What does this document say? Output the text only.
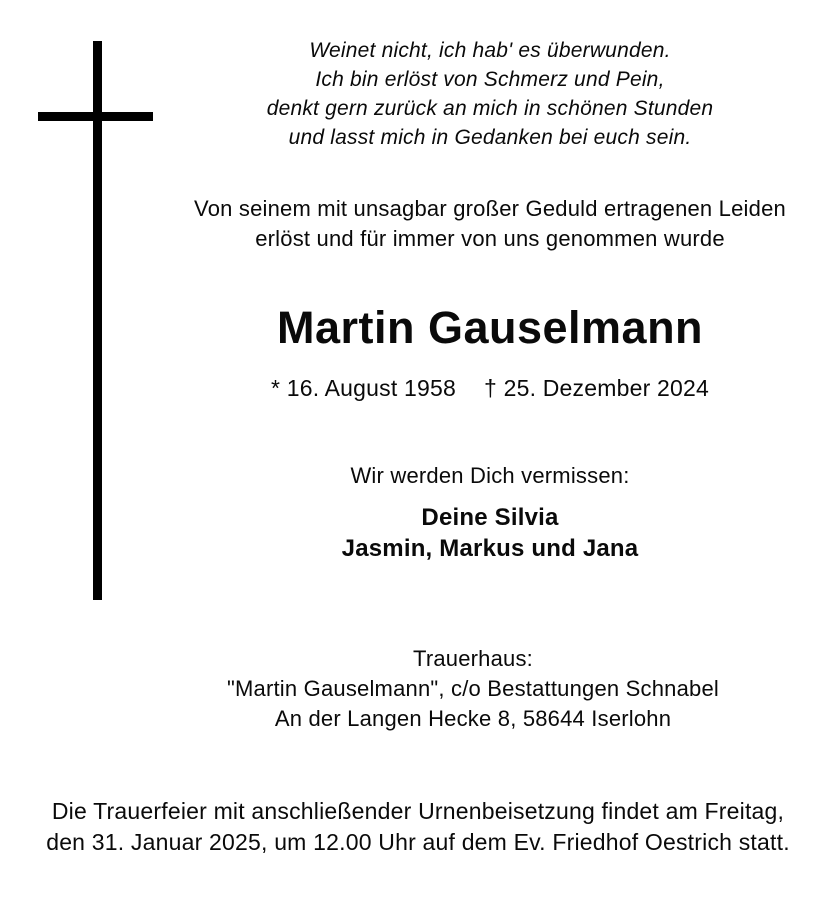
Weinet nicht, ich hab' es überwunden.
Ich bin erlöst von Schmerz und Pein,
denkt gern zurück an mich in schönen Stunden
und lasst mich in Gedanken bei euch sein.
Von seinem mit unsagbar großer Geduld ertragenen Leiden
erlöst und für immer von uns genommen wurde
Martin Gauselmann
* 16. August 1958 † 25. Dezember 2024
Wir werden Dich vermissen:
Deine Silvia
Jasmin, Markus und Jana
Trauerhaus:
"Martin Gauselmann", c/o Bestattungen Schnabel
An der Langen Hecke 8, 58644 Iserlohn
Die Trauerfeier mit anschließender Urnenbeisetzung findet am Freitag,
den 31. Januar 2025, um 12.00 Uhr auf dem Ev. Friedhof Oestrich statt.
